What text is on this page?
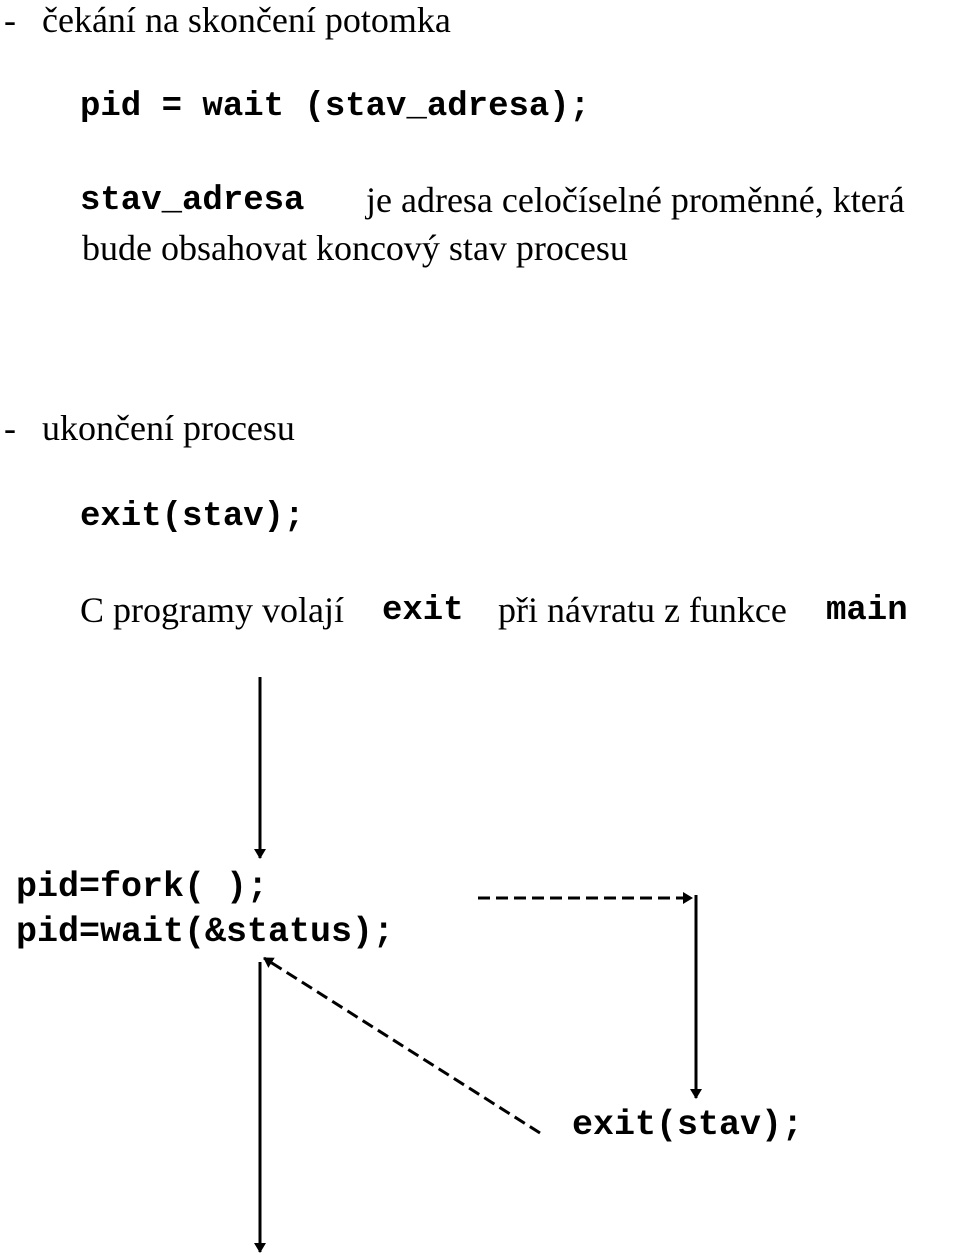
- čekání na skončení potomka
pid = wait (stav_adresa);
stav_adresa je adresa celočíselné proměnné, která
bude obsahovat koncový stav procesu
- ukončení procesu
exit(stav);
C programy volají exit při návratu z funkce main
pid=fork( );
pid=wait(&status);
exit(stav);
